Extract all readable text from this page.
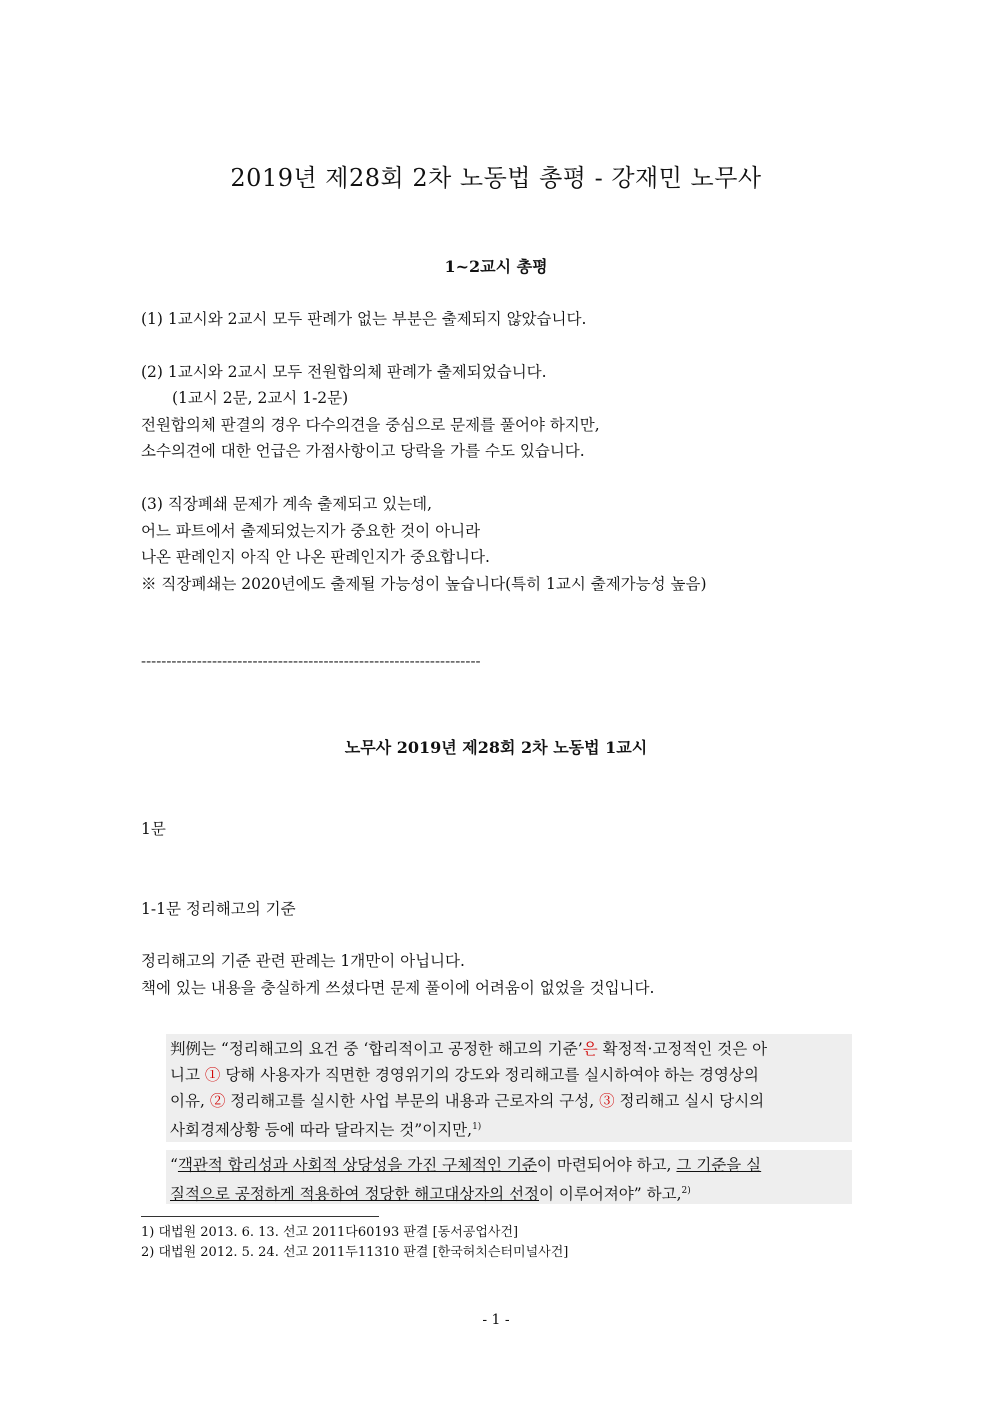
2019년 제28회 2차 노동법 총평 - 강재민 노무사
1~2교시 총평
(1) 1교시와 2교시 모두 판례가 없는 부분은 출제되지 않았습니다.
(2) 1교시와 2교시 모두 전원합의체 판례가 출제되었습니다.
(1교시 2문, 2교시 1-2문)
전원합의체 판결의 경우 다수의견을 중심으로 문제를 풀어야 하지만,
소수의견에 대한 언급은 가점사항이고 당락을 가를 수도 있습니다.
(3) 직장폐쇄 문제가 계속 출제되고 있는데,
어느 파트에서 출제되었는지가 중요한 것이 아니라
나온 판례인지 아직 안 나온 판례인지가 중요합니다.
※ 직장폐쇄는 2020년에도 출제될 가능성이 높습니다(특히 1교시 출제가능성 높음)
-------------------------------------------------------------------
노무사 2019년 제28회 2차 노동법 1교시
1문
1-1문 정리해고의 기준
정리해고의 기준 관련 판례는 1개만이 아닙니다.
책에 있는 내용을 충실하게 쓰셨다면 문제 풀이에 어려움이 없었을 것입니다.
判例는 “정리해고의 요건 중 ‘합리적이고 공정한 해고의 기준’은 확정적·고정적인 것은 아
니고 ① 당해 사용자가 직면한 경영위기의 강도와 정리해고를 실시하여야 하는 경영상의
이유, ② 정리해고를 실시한 사업 부문의 내용과 근로자의 구성, ③ 정리해고 실시 당시의
사회경제상황 등에 따라 달라지는 것”이지만,$^{1)}$
“객관적 합리성과 사회적 상당성을 가진 구체적인 기준이 마련되어야 하고, 그 기준을 실
질적으로 공정하게 적용하여 정당한 해고대상자의 선정이 이루어져야” 하고,$^{2)}$
1) 대법원 2013. 6. 13. 선고 2011다60193 판결 [동서공업사건]
2) 대법원 2012. 5. 24. 선고 2011두11310 판결 [한국허치슨터미널사건]
- 1 -
